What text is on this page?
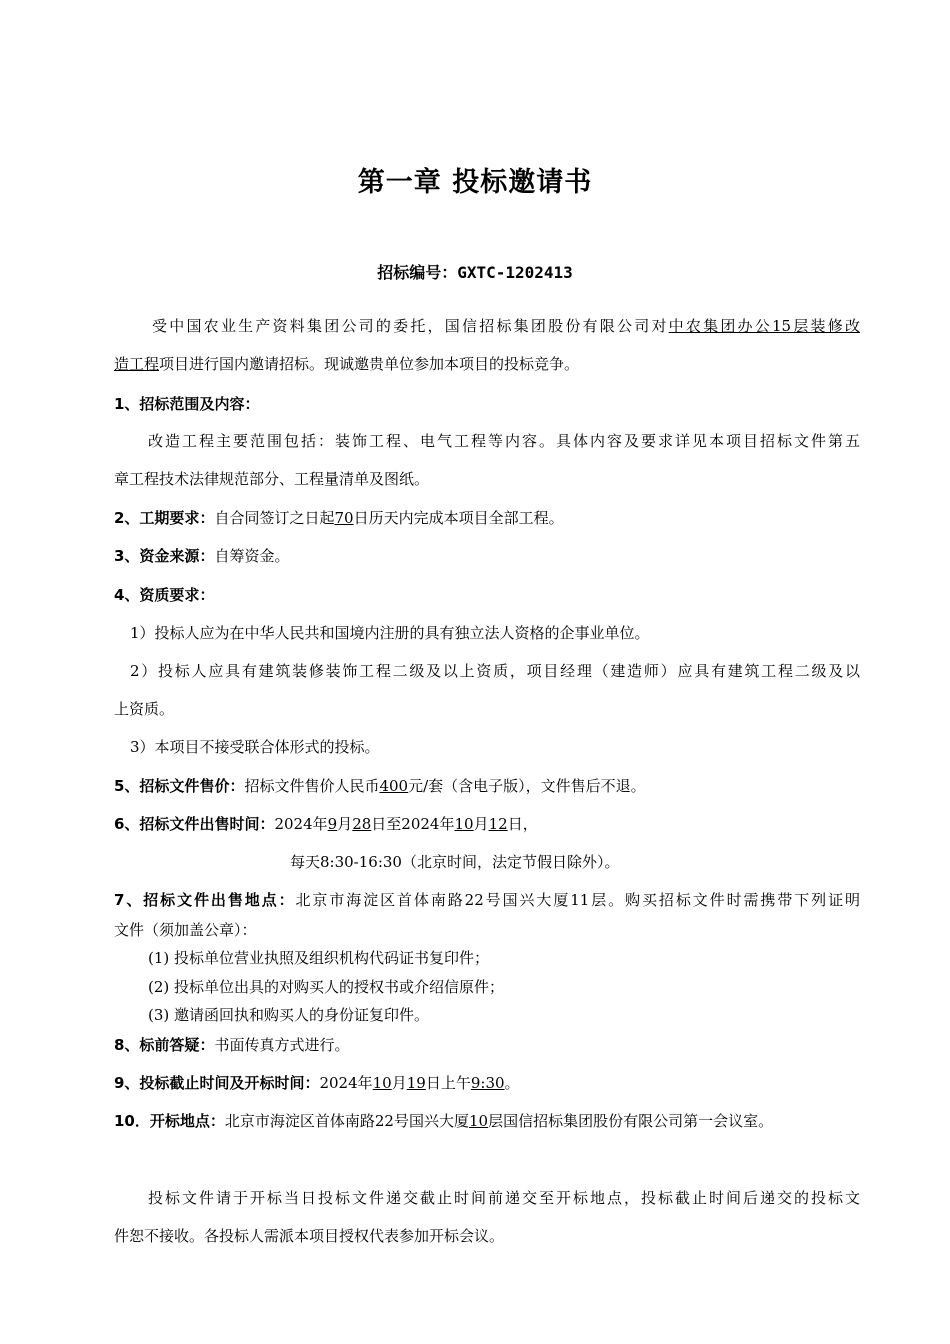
第一章 投标邀请书
招标编号：GXTC-1202413
受中国农业生产资料集团公司的委托，国信招标集团股份有限公司对中农集团办公15层装修改
造工程项目进行国内邀请招标。现诚邀贵单位参加本项目的投标竞争。
1、招标范围及内容：
改造工程主要范围包括：装饰工程、电气工程等内容。具体内容及要求详见本项目招标文件第五
章工程技术法律规范部分、工程量清单及图纸。
2、工期要求：自合同签订之日起70日历天内完成本项目全部工程。
3、资金来源：自筹资金。
4、资质要求：
1）投标人应为在中华人民共和国境内注册的具有独立法人资格的企事业单位。
2）投标人应具有建筑装修装饰工程二级及以上资质，项目经理（建造师）应具有建筑工程二级及以
上资质。
3）本项目不接受联合体形式的投标。
5、招标文件售价：招标文件售价人民币400元/套（含电子版），文件售后不退。
6、招标文件出售时间：2024年9月28日至2024年10月12日，
每天8:30-16:30（北京时间，法定节假日除外）。
7、招标文件出售地点：北京市海淀区首体南路22号国兴大厦11层。购买招标文件时需携带下列证明
文件（须加盖公章）：
(1) 投标单位营业执照及组织机构代码证书复印件；
(2) 投标单位出具的对购买人的授权书或介绍信原件；
(3) 邀请函回执和购买人的身份证复印件。
8、标前答疑：书面传真方式进行。
9、投标截止时间及开标时间：2024年10月19日上午9:30。
10．开标地点：北京市海淀区首体南路22号国兴大厦10层国信招标集团股份有限公司第一会议室。
投标文件请于开标当日投标文件递交截止时间前递交至开标地点，投标截止时间后递交的投标文
件恕不接收。各投标人需派本项目授权代表参加开标会议。
